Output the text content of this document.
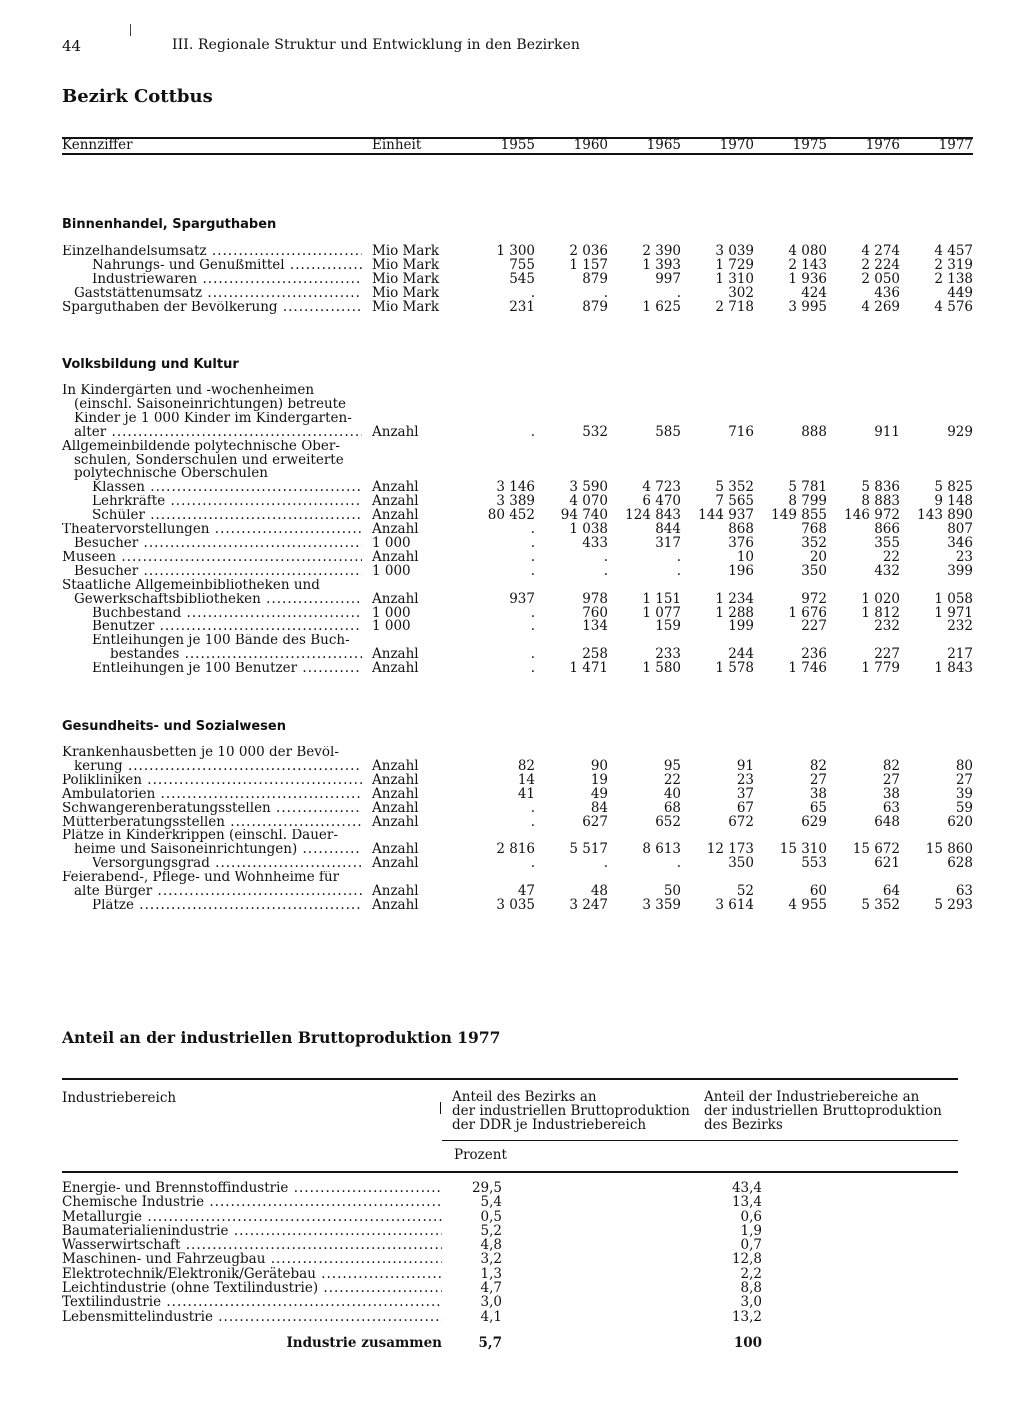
44	III. Regionale Struktur und Entwicklung in den Bezirken
Bezirk Cottbus
Kennziffer	Einheit	1955	1960	1965	1970	1975	1976	1977
Binnenhandel, Sparguthaben
Einzelhandelsumsatz .....	Mio Mark	1 300	2 036	2 390	3 039	4 080	4 274	4 457
Nahrungs- und Genußmittel .....	Mio Mark	755	1 157	1 393	1 729	2 143	2 224	2 319
Industriewaren .....	Mio Mark	545	879	997	1 310	1 936	2 050	2 138
Gaststättenumsatz .....	Mio Mark	.	.	.	302	424	436	449
Sparguthaben der Bevölkerung .....	Mio Mark	231	879	1 625	2 718	3 995	4 269	4 576
Volksbildung und Kultur
In Kindergärten und -wochenheimen								
(einschl. Saisoneinrichtungen) betreute								
Kinder je 1 000 Kinder im Kindergarten-								
alter .....	Anzahl	.	532	585	716	888	911	929
Allgemeinbildende polytechnische Ober-								
schulen, Sonderschulen und erweiterte								
polytechnische Oberschulen								
Klassen .....	Anzahl	3 146	3 590	4 723	5 352	5 781	5 836	5 825
Lehrkräfte .....	Anzahl	3 389	4 070	6 470	7 565	8 799	8 883	9 148
Schüler .....	Anzahl	80 452	94 740	124 843	144 937	149 855	146 972	143 890
Theatervorstellungen .....	Anzahl	.	1 038	844	868	768	866	807
Besucher .....	1 000	.	433	317	376	352	355	346
Museen .....	Anzahl	.	.	.	10	20	22	23
Besucher .....	1 000	.	.	.	196	350	432	399
Staatliche Allgemeinbibliotheken und								
Gewerkschaftsbibliotheken .....	Anzahl	937	978	1 151	1 234	972	1 020	1 058
Buchbestand .....	1 000	.	760	1 077	1 288	1 676	1 812	1 971
Benutzer .....	1 000	.	134	159	199	227	232	232
Entleihungen je 100 Bände des Buch-								
bestandes .....	Anzahl	.	258	233	244	236	227	217
Entleihungen je 100 Benutzer .....	Anzahl	.	1 471	1 580	1 578	1 746	1 779	1 843
Gesundheits- und Sozialwesen
Krankenhausbetten je 10 000 der Bevöl-								
kerung .....	Anzahl	82	90	95	91	82	82	80
Polikliniken .....	Anzahl	14	19	22	23	27	27	27
Ambulatorien .....	Anzahl	41	49	40	37	38	38	39
Schwangerenberatungsstellen .....	Anzahl	.	84	68	67	65	63	59
Mütterberatungsstellen .....	Anzahl	.	627	652	672	629	648	620
Plätze in Kinderkrippen (einschl. Dauer-								
heime und Saisoneinrichtungen) .....	Anzahl	2 816	5 517	8 613	12 173	15 310	15 672	15 860
Versorgungsgrad .....	Anzahl	.	.	.	350	553	621	628
Feierabend-, Pflege- und Wohnheime für								
alte Bürger .....	Anzahl	47	48	50	52	60	64	63
Plätze .....	Anzahl	3 035	3 247	3 359	3 614	4 955	5 352	5 293
Anteil an der industriellen Bruttoproduktion 1977
Industriebereich	Anteil des Bezirks an
der industriellen Bruttoproduktion
der DDR je Industriebereich
Anteil der Industriebereiche an
der industriellen Bruttoproduktion
des Bezirks
Prozent
Energie- und Brennstoffindustrie .....	29,5	43,4
Chemische Industrie .....	5,4	13,4
Metallurgie .....	0,5	0,6
Baumaterialienindustrie .....	5,2	1,9
Wasserwirtschaft .....	4,8	0,7
Maschinen- und Fahrzeugbau .....	3,2	12,8
Elektrotechnik/Elektronik/Gerätebau .....	1,3	2,2
Leichtindustrie (ohne Textilindustrie) .....	4,7	8,8
Textilindustrie .....	3,0	3,0
Lebensmittelindustrie .....	4,1	13,2
Industrie zusammen	5,7	100
